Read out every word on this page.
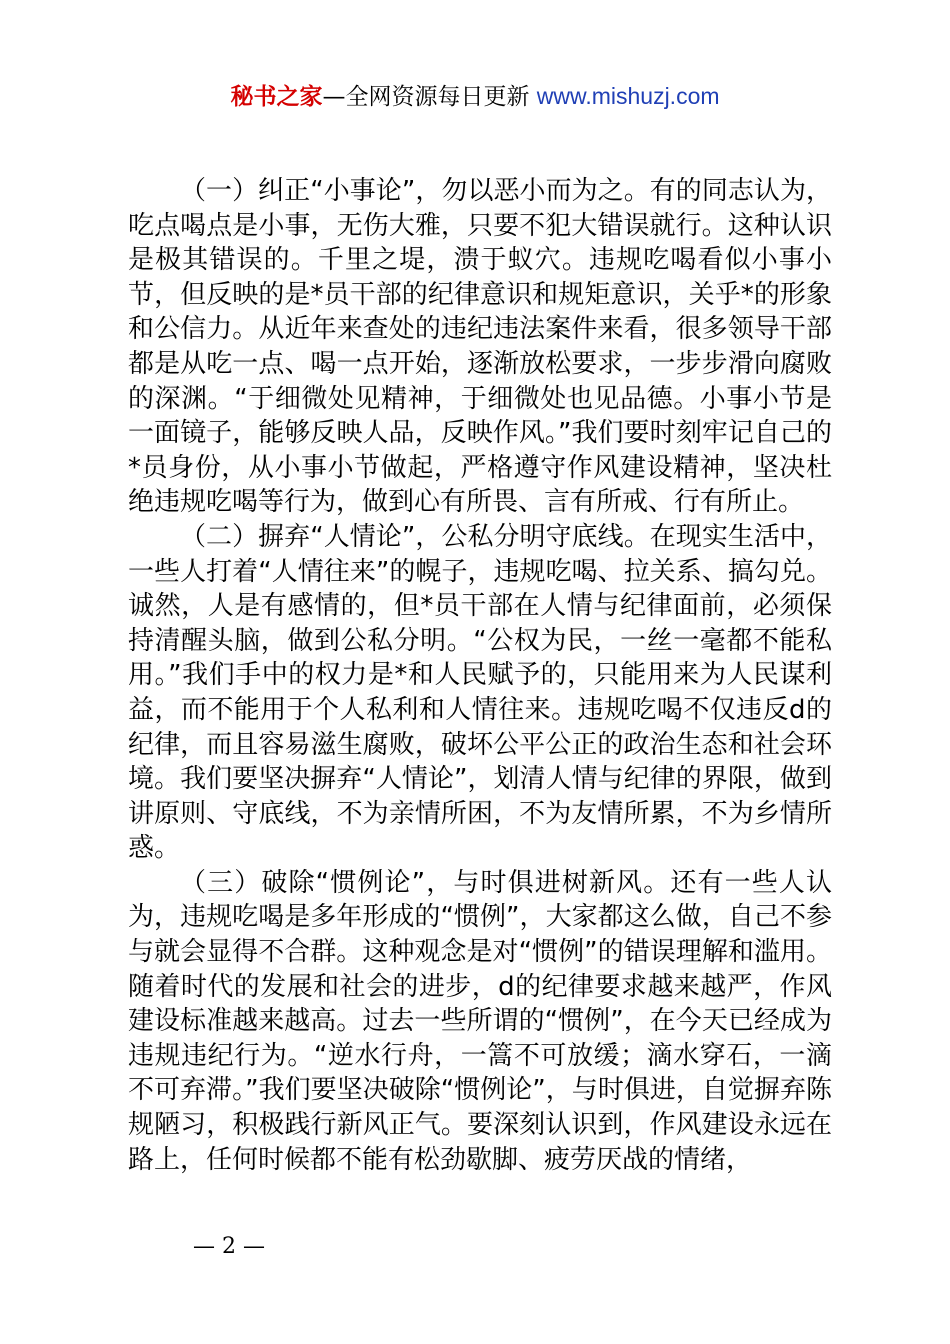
秘书之家—全网资源每日更新 www.mishuzj.com

（一）纠正“小事论”，勿以恶小而为之。有的同志认为，吃点喝点是小事，无伤大雅，只要不犯大错误就行。这种认识是极其错误的。千里之堤，溃于蚁穴。违规吃喝看似小事小节，但反映的是*员干部的纪律意识和规矩意识，关乎*的形象和公信力。从近年来查处的违纪违法案件来看，很多领导干部都是从吃一点、喝一点开始，逐渐放松要求，一步步滑向腐败的深渊。“于细微处见精神，于细微处也见品德。小事小节是一面镜子，能够反映人品，反映作风。”我们要时刻牢记自己的*员身份，从小事小节做起，严格遵守作风建设精神，坚决杜绝违规吃喝等行为，做到心有所畏、言有所戒、行有所止。

（二）摒弃“人情论”，公私分明守底线。在现实生活中，一些人打着“人情往来”的幌子，违规吃喝、拉关系、搞勾兑。诚然，人是有感情的，但*员干部在人情与纪律面前，必须保持清醒头脑，做到公私分明。“公权为民，一丝一毫都不能私用。”我们手中的权力是*和人民赋予的，只能用来为人民谋利益，而不能用于个人私利和人情往来。违规吃喝不仅违反d的纪律，而且容易滋生腐败，破坏公平公正的政治生态和社会环境。我们要坚决摒弃“人情论”，划清人情与纪律的界限，做到讲原则、守底线，不为亲情所困，不为友情所累，不为乡情所惑。

（三）破除“惯例论”，与时俱进树新风。还有一些人认为，违规吃喝是多年形成的“惯例”，大家都这么做，自己不参与就会显得不合群。这种观念是对“惯例”的错误理解和滥用。随着时代的发展和社会的进步，d的纪律要求越来越严，作风建设标准越来越高。过去一些所谓的“惯例”，在今天已经成为违规违纪行为。“逆水行舟，一篙不可放缓；滴水穿石，一滴不可弃滞。”我们要坚决破除“惯例论”，与时俱进，自觉摒弃陈规陋习，积极践行新风正气。要深刻认识到，作风建设永远在路上，任何时候都不能有松劲歇脚、疲劳厌战的情绪，

— 2 —
